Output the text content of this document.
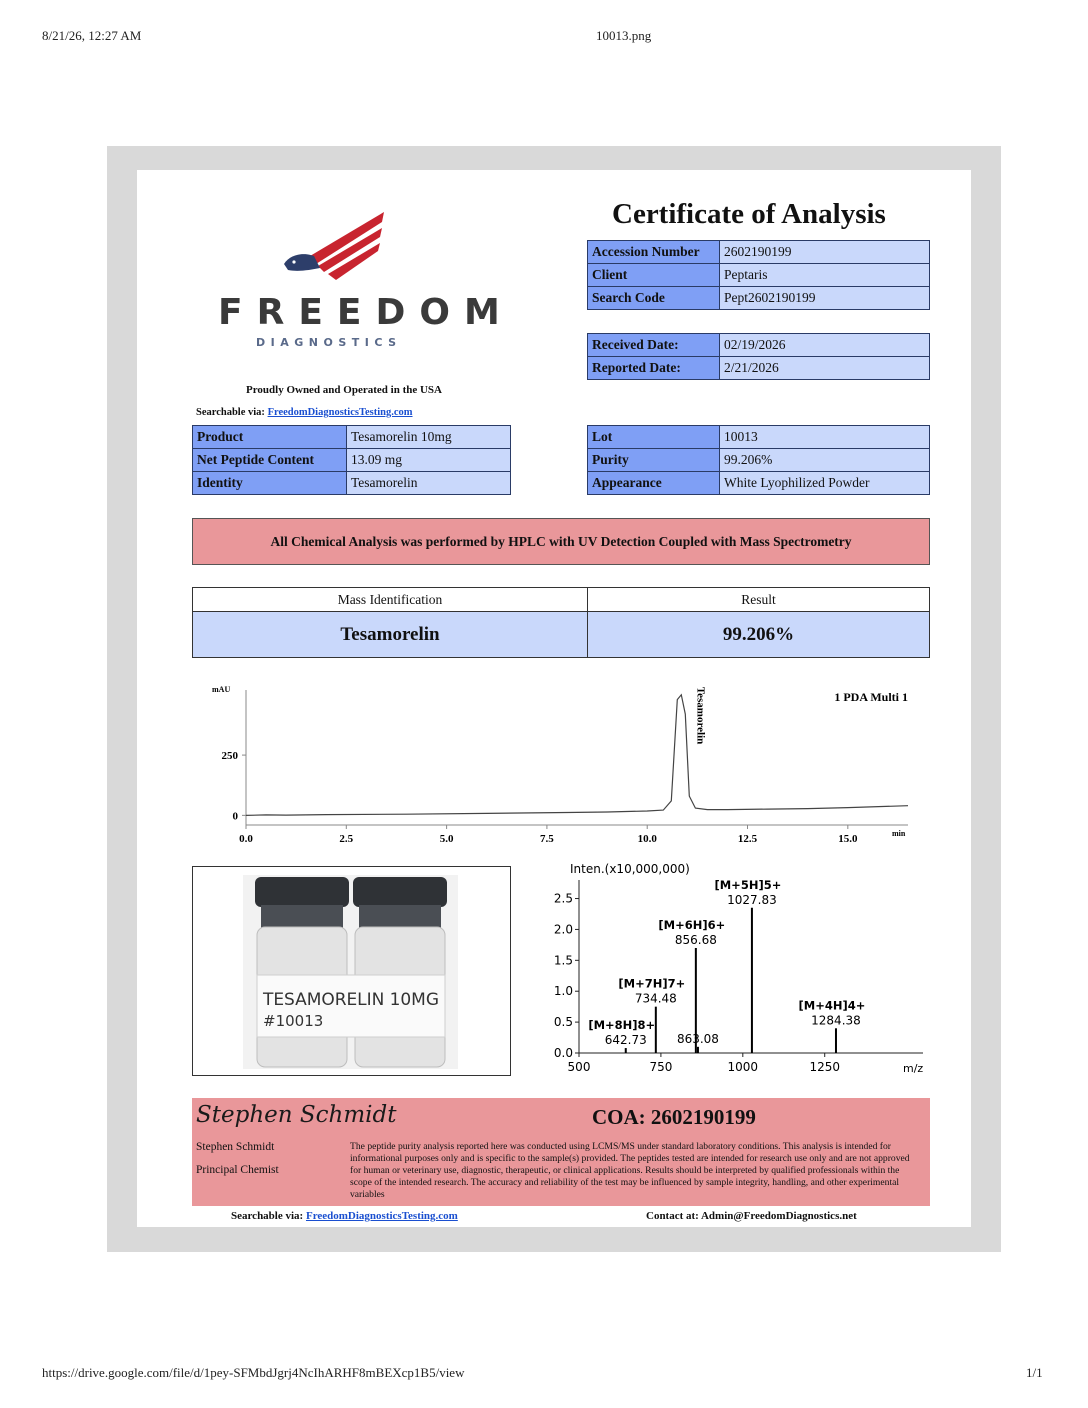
8/21/26, 12:27 AM	10013.png
FREEDOM
DIAGNOSTICS
Proudly Owned and Operated in the USA
Searchable via: FreedomDiagnosticsTesting.com
Certificate of Analysis
Accession Number	2602190199
Client	Peptaris
Search Code	Pept2602190199
Received Date:	02/19/2026
Reported Date:	2/21/2026
Product	Tesamorelin 10mg
Net Peptide Content	13.09 mg
Identity	Tesamorelin
Lot	10013
Purity	99.206%
Appearance	White Lyophilized Powder
All Chemical Analysis was performed by HPLC with UV Detection Coupled with Mass Spectrometry
Mass Identification	Result
Tesamorelin	99.206%
mAU
1 PDA Multi 1
min
0.0	2.5	5.0	7.5	10.0	12.5	15.0
0
250
Tesamorelin
TESAMORELIN 10MG
#10013
Inten.(x10,000,000)
m/z
500	750	1000	1250
0.0
0.5
1.0
1.5
2.0
2.5
642.73
[M+8H]8+
734.48
[M+7H]7+
863.08
856.68
[M+6H]6+
1027.83
[M+5H]5+
1284.38
[M+4H]4+
Stephen Schmidt	COA: 2602190199
Stephen Schmidt
Principal Chemist
The peptide purity analysis reported here was conducted using LCMS/MS under standard laboratory conditions. This analysis is intended for informational purposes only and is specific to the sample(s) provided. The peptides tested are intended for research use only and are not approved for human or veterinary use, diagnostic, therapeutic, or clinical applications. Results should be interpreted by qualified professionals within the scope of the intended research. The accuracy and reliability of the test may be influenced by sample integrity, handling, and other experimental variables
Searchable via: FreedomDiagnosticsTesting.com	Contact at: Admin@FreedomDiagnostics.net
https://drive.google.com/file/d/1pey-SFMbdJgrj4NcIhARHF8mBEXcp1B5/view	1/1
